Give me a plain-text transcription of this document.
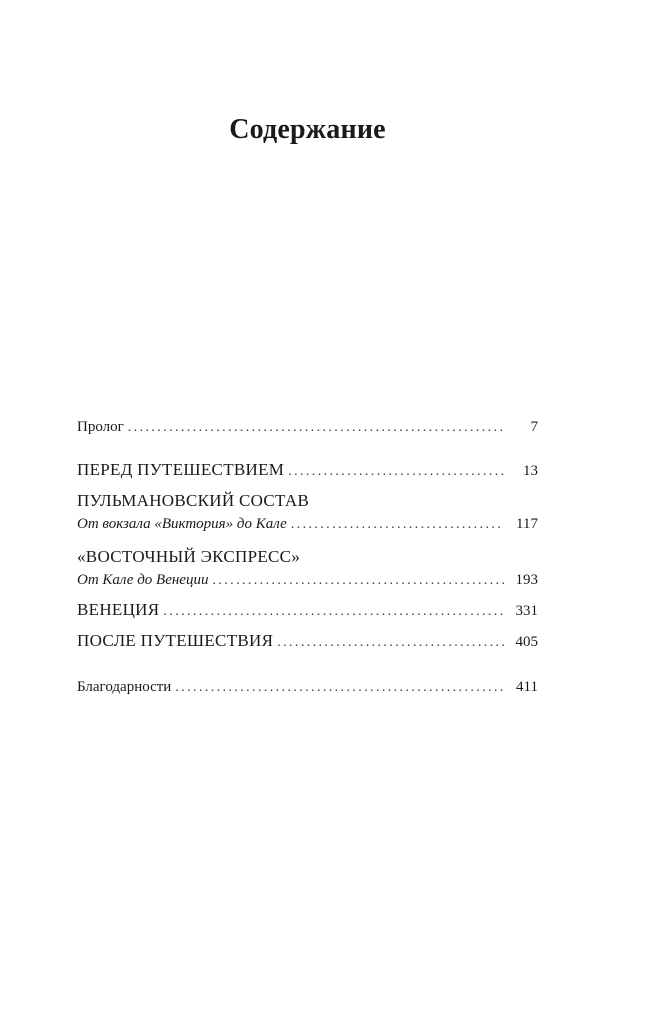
Содержание
Пролог .....	7
ПЕРЕД ПУТЕШЕСТВИЕМ .....	13
ПУЛЬМАНОВСКИЙ СОСТАВ
От вокзала «Виктория» до Кале .....	117
«ВОСТОЧНЫЙ ЭКСПРЕСС»
От Кале до Венеции .....	193
ВЕНЕЦИЯ .....	331
ПОСЛЕ ПУТЕШЕСТВИЯ .....	405
Благодарности .....	411
